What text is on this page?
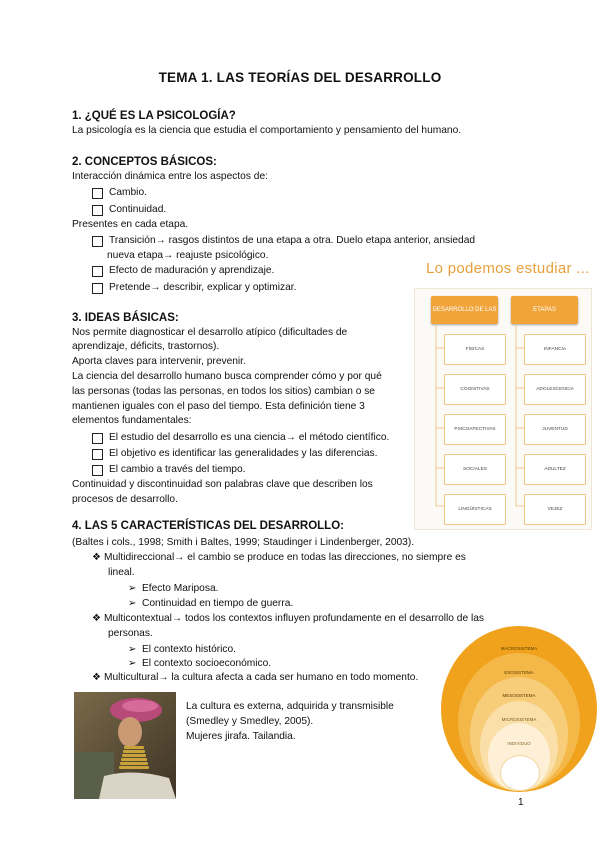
TEMA 1. LAS TEORÍAS DEL DESARROLLO
1. ¿QUÉ ES LA PSICOLOGÍA?
La psicología es la ciencia que estudia el comportamiento y pensamiento del humano.
2. CONCEPTOS BÁSICOS:
Interacción dinámica entre los aspectos de:
Cambio.
Continuidad.
Presentes en cada etapa.
Transición→ rasgos distintos de una etapa a otra. Duelo etapa anterior, ansiedad
nueva etapa→ reajuste psicológico.
Efecto de maduración y aprendizaje.
Pretende→ describir, explicar y optimizar.
Lo podemos estudiar ...
3. IDEAS BÁSICAS:
Nos permite diagnosticar el desarrollo atípico (dificultades de
aprendizaje, déficits, trastornos).
Aporta claves para intervenir, prevenir.
La ciencia del desarrollo humano busca comprender cómo y por qué
las personas (todas las personas, en todos los sitios) cambian o se
mantienen iguales con el paso del tiempo. Esta definición tiene 3
elementos fundamentales:
El estudio del desarrollo es una ciencia→ el método científico.
El objetivo es identificar las generalidades y las diferencias.
El cambio a través del tiempo.
Continuidad y discontinuidad son palabras clave que describen los
procesos de desarrollo.
DESARROLLO DE LAS	ETAPAS
FÍSICAS
COGNITIVAS
PSICOAFECTIVAS
SOCIALES
LINGÜÍSTICAS
INFANCIA
ADOLESCENCIA
JUVENTUD
ADULTEZ
VEJEZ
4. LAS 5 CARACTERÍSTICAS DEL DESARROLLO:
(Baltes i cols., 1998; Smith i Baltes, 1999; Staudinger i Lindenberger, 2003).
❖ Multidireccional→ el cambio se produce en todas las direcciones, no siempre es
lineal.
➢ Efecto Mariposa.
➢ Continuidad en tiempo de guerra.
❖ Multicontextual→ todos los contextos influyen profundamente en el desarrollo de las
personas.
➢ El contexto histórico.
➢ El contexto socioeconómico.
❖ Multicultural→ la cultura afecta a cada ser humano en todo momento.
La cultura es externa, adquirida y transmisible
(Smedley y Smedley, 2005).
Mujeres jirafa. Tailandia.
MACROSISTEMA
EXOSISTEMA
MESOSISTEMA
MICROSISTEMA
INDIVIDUO
1
